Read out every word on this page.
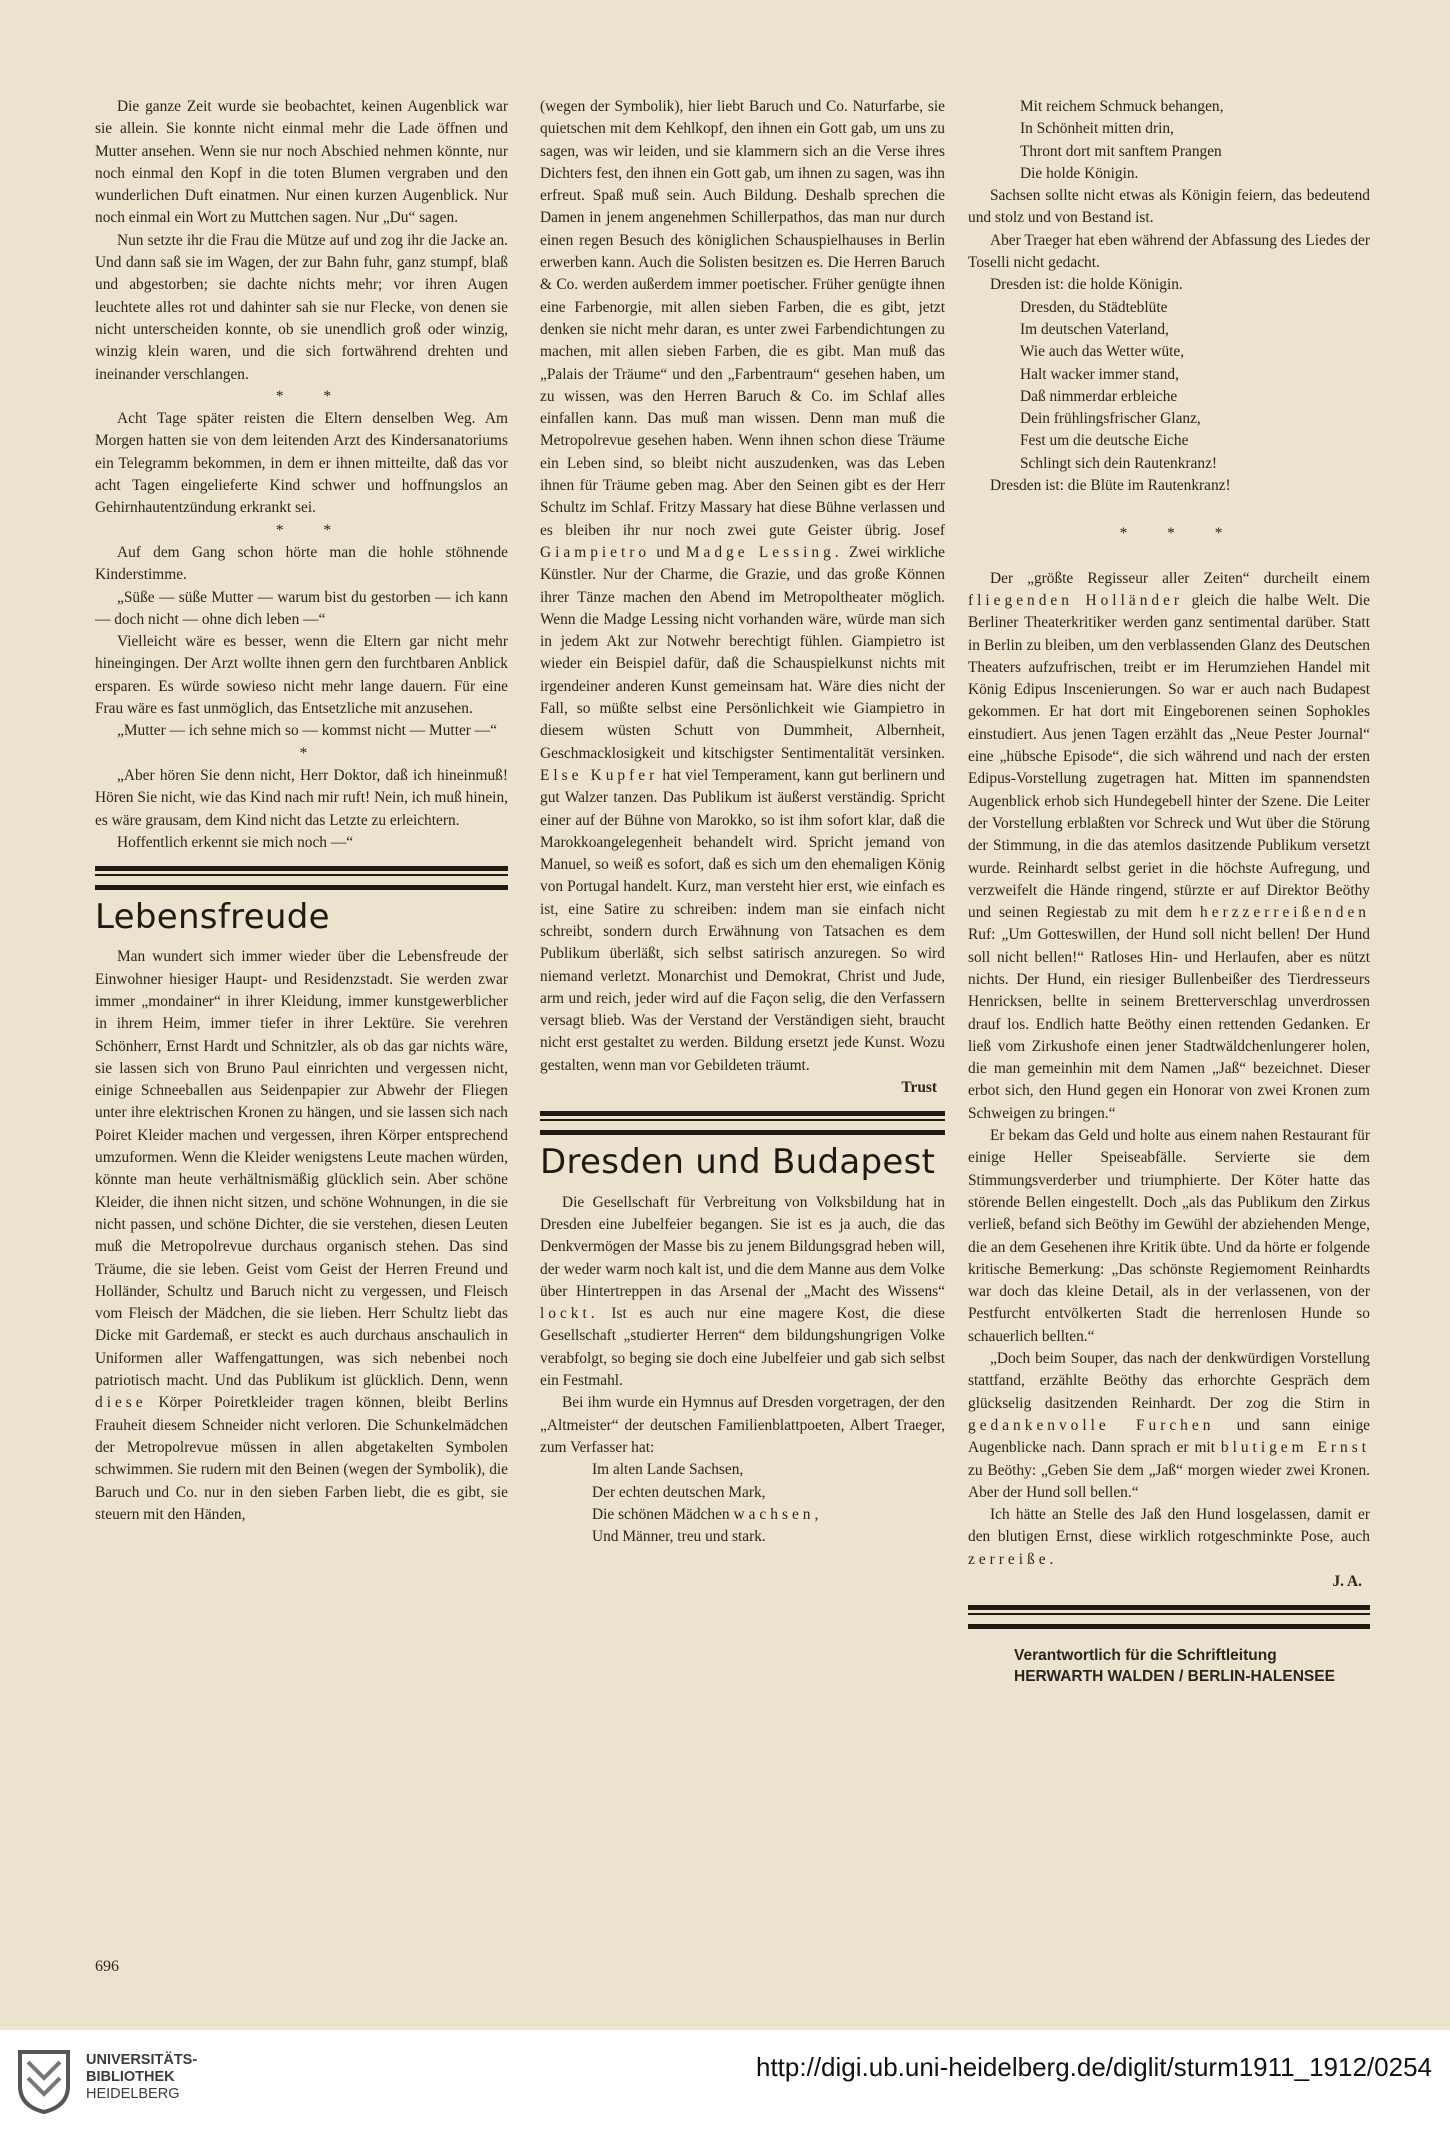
Die ganze Zeit wurde sie beobachtet, keinen Augenblick war sie allein. Sie konnte nicht einmal mehr die Lade öffnen und Mutter ansehen. Wenn sie nur noch Abschied nehmen könnte, nur noch einmal den Kopf in die toten Blumen vergraben und den wunderlichen Duft einatmen. Nur einen kurzen Augenblick. Nur noch einmal ein Wort zu Muttchen sagen. Nur „Du“ sagen.

Nun setzte ihr die Frau die Mütze auf und zog ihr die Jacke an. Und dann saß sie im Wagen, der zur Bahn fuhr, ganz stumpf, blaß und abgestorben; sie dachte nichts mehr; vor ihren Augen leuchtete alles rot und dahinter sah sie nur Flecke, von denen sie nicht unterscheiden konnte, ob sie unendlich groß oder winzig, winzig klein waren, und die sich fortwährend drehten und ineinander verschlangen.

* *

Acht Tage später reisten die Eltern denselben Weg. Am Morgen hatten sie von dem leitenden Arzt des Kindersanatoriums ein Telegramm bekommen, in dem er ihnen mitteilte, daß das vor acht Tagen eingelieferte Kind schwer und hoffnungslos an Gehirnhautentzündung erkrankt sei.

* *

Auf dem Gang schon hörte man die hohle stöhnende Kinderstimme.

„Süße — süße Mutter — warum bist du gestorben — ich kann — doch nicht — ohne dich leben —“

Vielleicht wäre es besser, wenn die Eltern gar nicht mehr hineingingen. Der Arzt wollte ihnen gern den furchtbaren Anblick ersparen. Es würde sowieso nicht mehr lange dauern. Für eine Frau wäre es fast unmöglich, das Entsetzliche mit anzusehen.

„Mutter — ich sehne mich so — kommst nicht — Mutter —“

*

„Aber hören Sie denn nicht, Herr Doktor, daß ich hineinmuß! Hören Sie nicht, wie das Kind nach mir ruft! Nein, ich muß hinein, es wäre grausam, dem Kind nicht das Letzte zu erleichtern.

Hoffentlich erkennt sie mich noch —“

Lebensfreude

Man wundert sich immer wieder über die Lebensfreude der Einwohner hiesiger Haupt- und Residenzstadt. Sie werden zwar immer „mondainer“ in ihrer Kleidung, immer kunstgewerblicher in ihrem Heim, immer tiefer in ihrer Lektüre. Sie verehren Schönherr, Ernst Hardt und Schnitzler, als ob das gar nichts wäre, sie lassen sich von Bruno Paul einrichten und vergessen nicht, einige Schneeballen aus Seidenpapier zur Abwehr der Fliegen unter ihre elektrischen Kronen zu hängen, und sie lassen sich nach Poiret Kleider machen und vergessen, ihren Körper entsprechend umzuformen. Wenn die Kleider wenigstens Leute machen würden, könnte man heute verhältnismäßig glücklich sein. Aber schöne Kleider, die ihnen nicht sitzen, und schöne Wohnungen, in die sie nicht passen, und schöne Dichter, die sie verstehen, diesen Leuten muß die Metropolrevue durchaus organisch stehen. Das sind Träume, die sie leben. Geist vom Geist der Herren Freund und Holländer, Schultz und Baruch nicht zu vergessen, und Fleisch vom Fleisch der Mädchen, die sie lieben. Herr Schultz liebt das Dicke mit Gardemaß, er steckt es auch durchaus anschaulich in Uniformen aller Waffengattungen, was sich nebenbei noch patriotisch macht. Und das Publikum ist glücklich. Denn, wenn diese Körper Poiretkleider tragen können, bleibt Berlins Frauheit diesem Schneider nicht verloren. Die Schunkelmädchen der Metropolrevue müssen in allen abgetakelten Symbolen schwimmen. Sie rudern mit den Beinen (wegen der Symbolik), die Baruch und Co. nur in den sieben Farben liebt, die es gibt, sie steuern mit den Händen,

(wegen der Symbolik), hier liebt Baruch und Co. Naturfarbe, sie quietschen mit dem Kehlkopf, den ihnen ein Gott gab, um uns zu sagen, was wir leiden, und sie klammern sich an die Verse ihres Dichters fest, den ihnen ein Gott gab, um ihnen zu sagen, was ihn erfreut. Spaß muß sein. Auch Bildung. Deshalb sprechen die Damen in jenem angenehmen Schillerpathos, das man nur durch einen regen Besuch des königlichen Schauspielhauses in Berlin erwerben kann. Auch die Solisten besitzen es. Die Herren Baruch & Co. werden außerdem immer poetischer. Früher genügte ihnen eine Farbenorgie, mit allen sieben Farben, die es gibt, jetzt denken sie nicht mehr daran, es unter zwei Farbendichtungen zu machen, mit allen sieben Farben, die es gibt. Man muß das „Palais der Träume“ und den „Farbentraum“ gesehen haben, um zu wissen, was den Herren Baruch & Co. im Schlaf alles einfallen kann. Das muß man wissen. Denn man muß die Metropolrevue gesehen haben. Wenn ihnen schon diese Träume ein Leben sind, so bleibt nicht auszudenken, was das Leben ihnen für Träume geben mag. Aber den Seinen gibt es der Herr Schultz im Schlaf. Fritzy Massary hat diese Bühne verlassen und es bleiben ihr nur noch zwei gute Geister übrig. Josef Giampietro und Madge Lessing. Zwei wirkliche Künstler. Nur der Charme, die Grazie, und das große Können ihrer Tänze machen den Abend im Metropoltheater möglich. Wenn die Madge Lessing nicht vorhanden wäre, würde man sich in jedem Akt zur Notwehr berechtigt fühlen. Giampietro ist wieder ein Beispiel dafür, daß die Schauspielkunst nichts mit irgendeiner anderen Kunst gemeinsam hat. Wäre dies nicht der Fall, so müßte selbst eine Persönlichkeit wie Giampietro in diesem wüsten Schutt von Dummheit, Albernheit, Geschmacklosigkeit und kitschigster Sentimentalität versinken. Else Kupfer hat viel Temperament, kann gut berlinern und gut Walzer tanzen. Das Publikum ist äußerst verständig. Spricht einer auf der Bühne von Marokko, so ist ihm sofort klar, daß die Marokkoangelegenheit behandelt wird. Spricht jemand von Manuel, so weiß es sofort, daß es sich um den ehemaligen König von Portugal handelt. Kurz, man versteht hier erst, wie einfach es ist, eine Satire zu schreiben: indem man sie einfach nicht schreibt, sondern durch Erwähnung von Tatsachen es dem Publikum überläßt, sich selbst satirisch anzuregen. So wird niemand verletzt. Monarchist und Demokrat, Christ und Jude, arm und reich, jeder wird auf die Façon selig, die den Verfassern versagt blieb. Was der Verstand der Verständigen sieht, braucht nicht erst gestaltet zu werden. Bildung ersetzt jede Kunst. Wozu gestalten, wenn man vor Gebildeten träumt.

Trust

Dresden und Budapest

Die Gesellschaft für Verbreitung von Volksbildung hat in Dresden eine Jubelfeier begangen. Sie ist es ja auch, die das Denkvermögen der Masse bis zu jenem Bildungsgrad heben will, der weder warm noch kalt ist, und die dem Manne aus dem Volke über Hintertreppen in das Arsenal der „Macht des Wissens“ lockt. Ist es auch nur eine magere Kost, die diese Gesellschaft „studierter Herren“ dem bildungshungrigen Volke verabfolgt, so beging sie doch eine Jubelfeier und gab sich selbst ein Festmahl.

Bei ihm wurde ein Hymnus auf Dresden vorgetragen, der den „Altmeister“ der deutschen Familienblattpoeten, Albert Traeger, zum Verfasser hat:

Im alten Lande Sachsen,
Der echten deutschen Mark,
Die schönen Mädchen wachsen,
Und Männer, treu und stark.
Mit reichem Schmuck behangen,
In Schönheit mitten drin,
Thront dort mit sanftem Prangen
Die holde Königin.

Sachsen sollte nicht etwas als Königin feiern, das bedeutend und stolz und von Bestand ist.

Aber Traeger hat eben während der Abfassung des Liedes der Toselli nicht gedacht.

Dresden ist: die holde Königin.

Dresden, du Städteblüte
Im deutschen Vaterland,
Wie auch das Wetter wüte,
Halt wacker immer stand,
Daß nimmerdar erbleiche
Dein frühlingsfrischer Glanz,
Fest um die deutsche Eiche
Schlingt sich dein Rautenkranz!

Dresden ist: die Blüte im Rautenkranz!

* * *

Der „größte Regisseur aller Zeiten“ durcheilt einem fliegenden Holländer gleich die halbe Welt. Die Berliner Theaterkritiker werden ganz sentimental darüber. Statt in Berlin zu bleiben, um den verblassenden Glanz des Deutschen Theaters aufzufrischen, treibt er im Herumziehen Handel mit König Edipus Inscenierungen. So war er auch nach Budapest gekommen. Er hat dort mit Eingeborenen seinen Sophokles einstudiert. Aus jenen Tagen erzählt das „Neue Pester Journal“ eine „hübsche Episode“, die sich während und nach der ersten Edipus-Vorstellung zugetragen hat. Mitten im spannendsten Augenblick erhob sich Hundegebell hinter der Szene. Die Leiter der Vorstellung erblaßten vor Schreck und Wut über die Störung der Stimmung, in die das atemlos dasitzende Publikum versetzt wurde. Reinhardt selbst geriet in die höchste Aufregung, und verzweifelt die Hände ringend, stürzte er auf Direktor Beöthy und seinen Regiestab zu mit dem herzzerreißenden Ruf: „Um Gotteswillen, der Hund soll nicht bellen! Der Hund soll nicht bellen!“ Ratloses Hin- und Herlaufen, aber es nützt nichts. Der Hund, ein riesiger Bullenbeißer des Tierdresseurs Henricksen, bellte in seinem Bretterverschlag unverdrossen drauf los. Endlich hatte Beöthy einen rettenden Gedanken. Er ließ vom Zirkushofe einen jener Stadtwäldchenlungerer holen, die man gemeinhin mit dem Namen „Jaß“ bezeichnet. Dieser erbot sich, den Hund gegen ein Honorar von zwei Kronen zum Schweigen zu bringen.“

Er bekam das Geld und holte aus einem nahen Restaurant für einige Heller Speiseabfälle. Servierte sie dem Stimmungsverderber und triumphierte. Der Köter hatte das störende Bellen eingestellt. Doch „als das Publikum den Zirkus verließ, befand sich Beöthy im Gewühl der abziehenden Menge, die an dem Gesehenen ihre Kritik übte. Und da hörte er folgende kritische Bemerkung: „Das schönste Regiemoment Reinhardts war doch das kleine Detail, als in der verlassenen, von der Pestfurcht entvölkerten Stadt die herrenlosen Hunde so schauerlich bellten.“

„Doch beim Souper, das nach der denkwürdigen Vorstellung stattfand, erzählte Beöthy das erhorchte Gespräch dem glückselig dasitzenden Reinhardt. Der zog die Stirn in gedankenvolle Furchen und sann einige Augenblicke nach. Dann sprach er mit blutigem Ernst zu Beöthy: „Geben Sie dem „Jaß“ morgen wieder zwei Kronen. Aber der Hund soll bellen.“

Ich hätte an Stelle des Jaß den Hund losgelassen, damit er den blutigen Ernst, diese wirklich rotgeschminkte Pose, auch zerreiße.

J. A.

Verantwortlich für die Schriftleitung

HERWARTH WALDEN / BERLIN-HALENSEE

696
UNIVERSITÄTS-
BIBLIOTHEK
HEIDELBERG
http://digi.ub.uni-heidelberg.de/diglit/sturm1911_1912/0254
